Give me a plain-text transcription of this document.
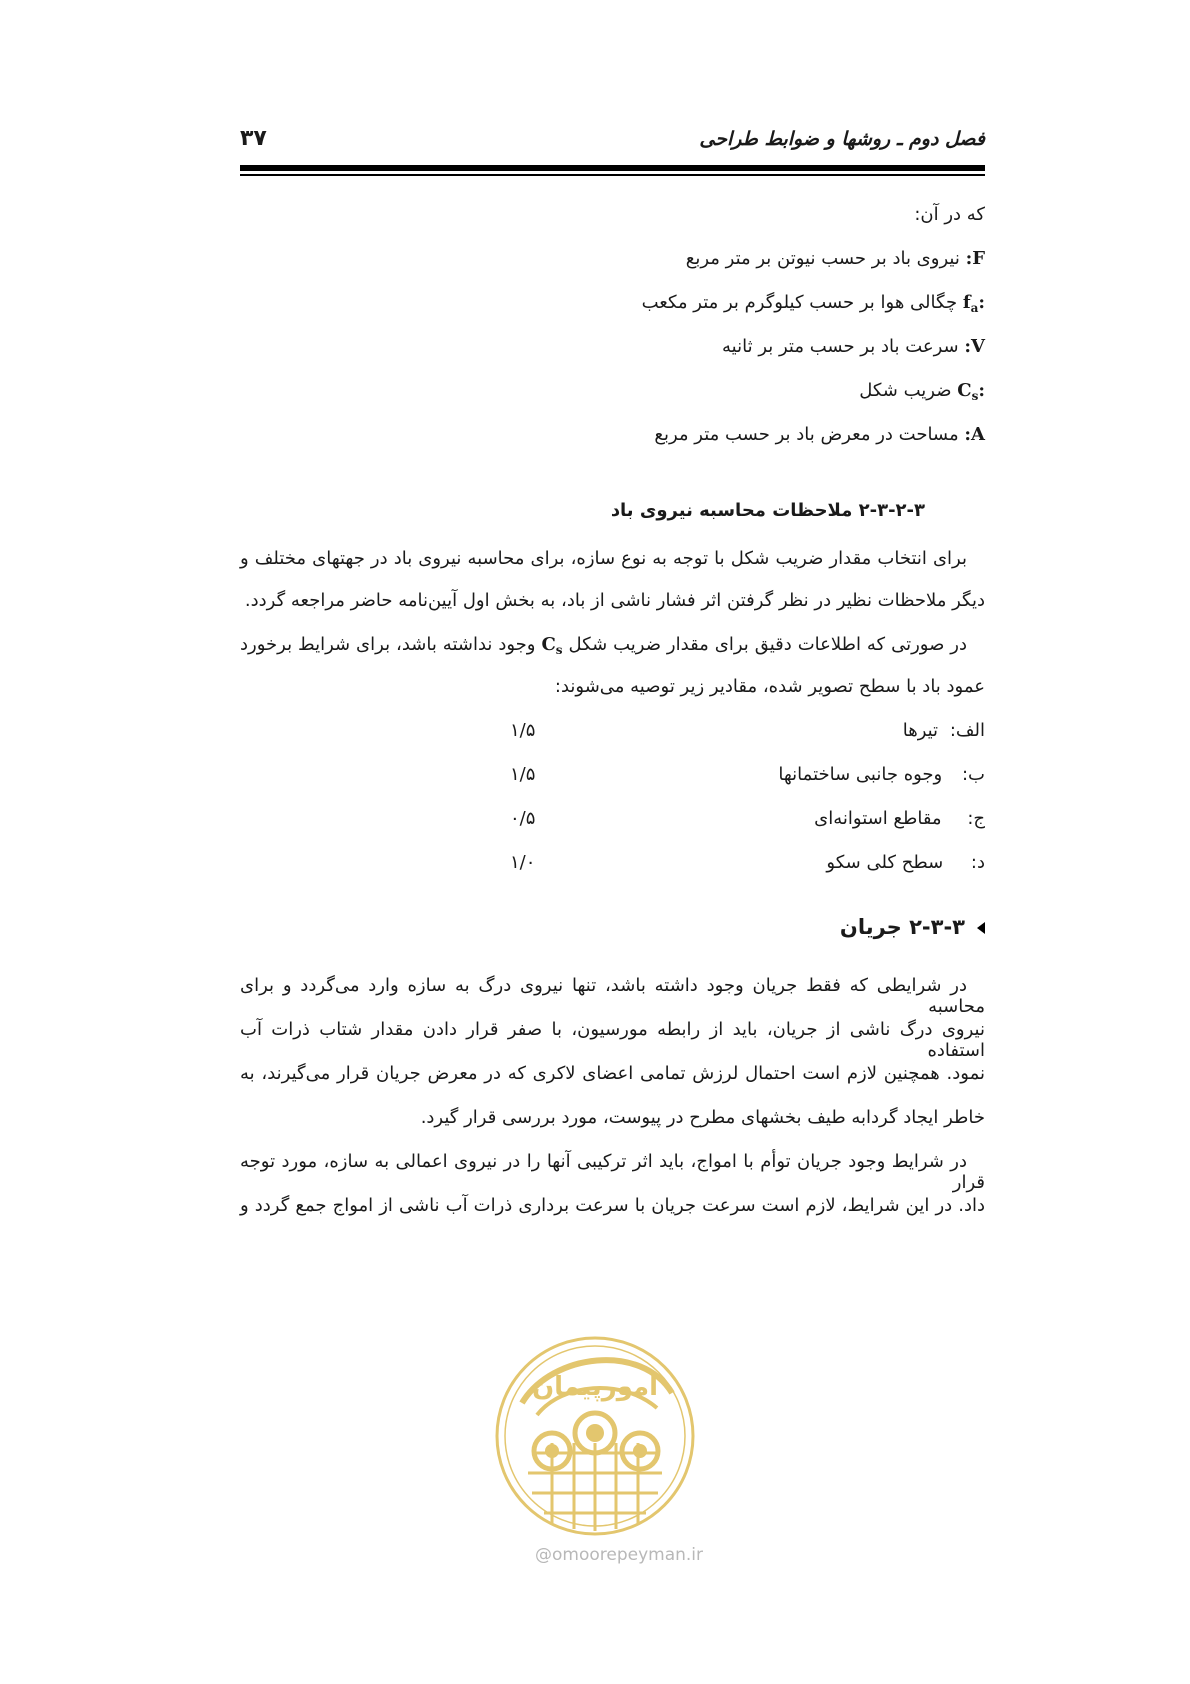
۳۷	فصل دوم ـ روشها و ضوابط طراحی
که در آن:
F: نیروی باد بر حسب نیوتن بر متر مربع
$f_a$: چگالی هوا بر حسب کیلوگرم بر متر مکعب
V: سرعت باد بر حسب متر بر ثانیه
$C_s$: ضریب شکل
A: مساحت در معرض باد بر حسب متر مربع
۲-۳-۲-۳ ملاحظات محاسبه نیروی باد
برای انتخاب مقدار ضریب شکل با توجه به نوع سازه، برای محاسبه نیروی باد در جهتهای مختلف و
دیگر ملاحظات نظیر در نظر گرفتن اثر فشار ناشی از باد، به بخش اول آیین‌نامه حاضر مراجعه گردد.
در صورتی که اطلاعات دقیق برای مقدار ضریب شکل $C_s$ وجود نداشته باشد، برای شرایط برخورد
عمود باد با سطح تصویر شده، مقادیر زیر توصیه می‌شوند:
الف: تیرها
۱/۵
ب: وجوه جانبی ساختمانها
۱/۵
ج: مقاطع استوانه‌ای
۰/۵
د: سطح کلی سکو
۱/۰
۲-۳-۳ جریان
در شرایطی که فقط جریان وجود داشته باشد، تنها نیروی درگ به سازه وارد می‌گردد و برای محاسبه
نیروی درگ ناشی از جریان، باید از رابطه مورسیون، با صفر قرار دادن مقدار شتاب ذرات آب استفاده
نمود. همچنین لازم است احتمال لرزش تمامی اعضای لاکری که در معرض جریان قرار می‌گیرند، به
خاطر ایجاد گردابه طیف بخشهای مطرح در پیوست، مورد بررسی قرار گیرد.
در شرایط وجود جریان توأم با امواج، باید اثر ترکیبی آنها را در نیروی اعمالی به سازه، مورد توجه قرار
داد. در این شرایط، لازم است سرعت جریان با سرعت برداری ذرات آب ناشی از امواج جمع گردد و
امورپیمان
@omoorepeyman.ir
